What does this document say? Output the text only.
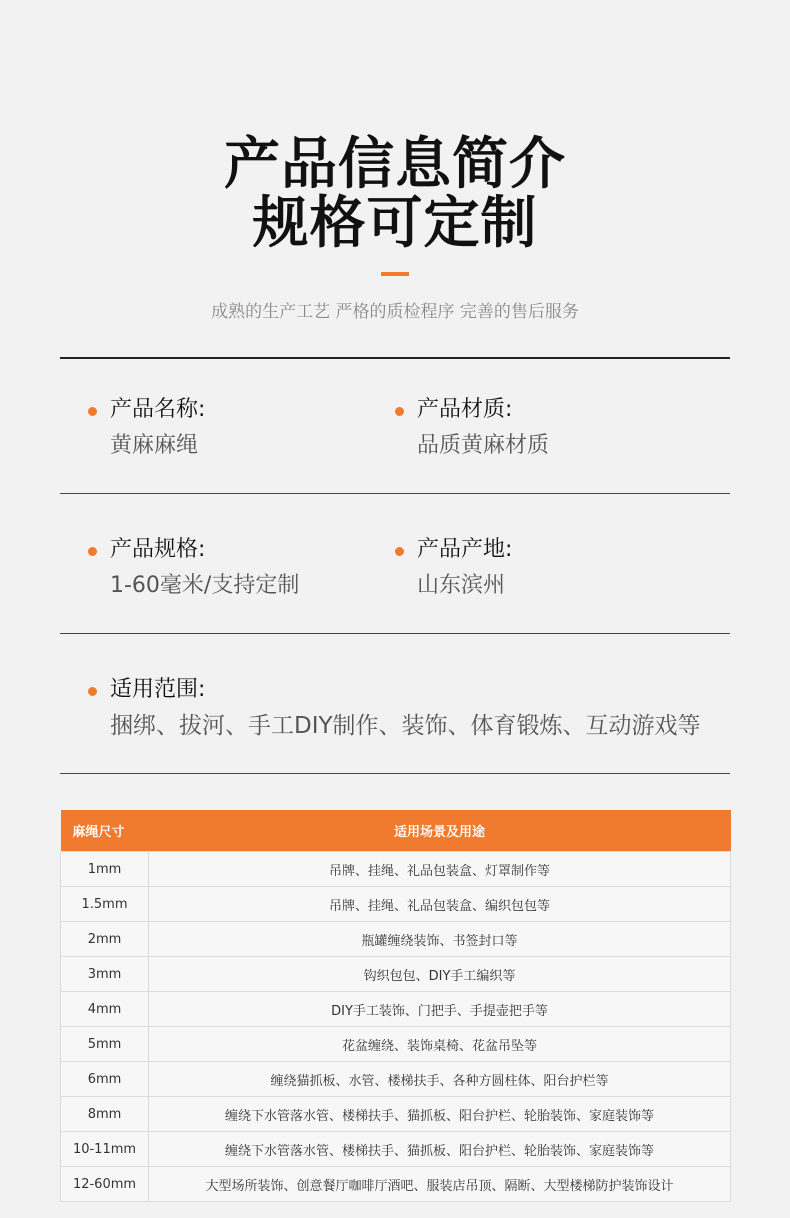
产品信息简介
规格可定制
成熟的生产工艺 严格的质检程序 完善的售后服务
产品名称:
黄麻麻绳
产品材质:
品质黄麻材质
产品规格:
1-60毫米/支持定制
产品产地:
山东滨州
适用范围:
捆绑、拔河、手工DIY制作、装饰、体育锻炼、互动游戏等
麻绳尺寸	适用场景及用途
1mm	吊牌、挂绳、礼品包装盒、灯罩制作等
1.5mm	吊牌、挂绳、礼品包装盒、编织包包等
2mm	瓶罐缠绕装饰、书签封口等
3mm	钩织包包、DIY手工编织等
4mm	DIY手工装饰、门把手、手提壶把手等
5mm	花盆缠绕、装饰桌椅、花盆吊坠等
6mm	缠绕猫抓板、水管、楼梯扶手、各种方圆柱体、阳台护栏等
8mm	缠绕下水管落水管、楼梯扶手、猫抓板、阳台护栏、轮胎装饰、家庭装饰等
10-11mm	缠绕下水管落水管、楼梯扶手、猫抓板、阳台护栏、轮胎装饰、家庭装饰等
12-60mm	大型场所装饰、创意餐厅咖啡厅酒吧、服装店吊顶、隔断、大型楼梯防护装饰设计
